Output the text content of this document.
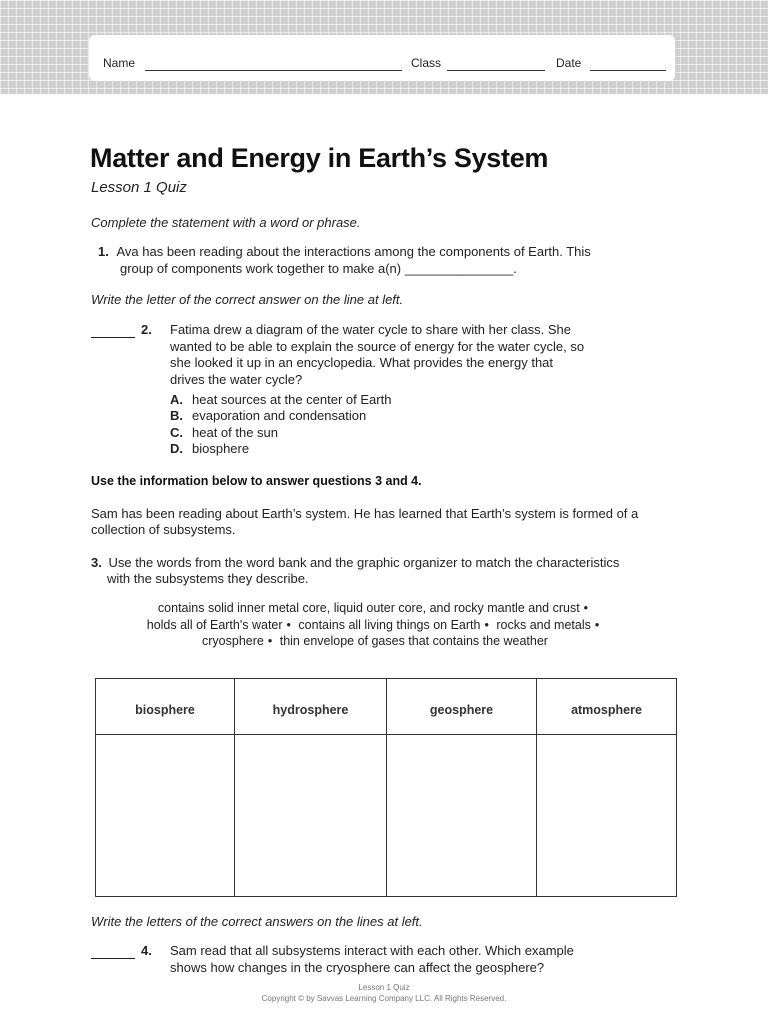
Name	Class	Date
Matter and Energy in Earth’s System
Lesson 1 Quiz
Complete the statement with a word or phrase.
1. Ava has been reading about the interactions among the components of Earth. This
group of components work together to make a(n) _______________.
Write the letter of the correct answer on the line at left.
2. Fatima drew a diagram of the water cycle to share with her class. She
wanted to be able to explain the source of energy for the water cycle, so
she looked it up in an encyclopedia. What provides the energy that
drives the water cycle?
A. heat sources at the center of Earth
B. evaporation and condensation
C. heat of the sun
D. biosphere
Use the information below to answer questions 3 and 4.
Sam has been reading about Earth’s system. He has learned that Earth’s system is formed of a
collection of subsystems.
3. Use the words from the word bank and the graphic organizer to match the characteristics
with the subsystems they describe.
contains solid inner metal core, liquid outer core, and rocky mantle and crust •
holds all of Earth's water • contains all living things on Earth • rocks and metals •
cryosphere • thin envelope of gases that contains the weather
biosphere	hydrosphere	geosphere	atmosphere

Write the letters of the correct answers on the lines at left.
4. Sam read that all subsystems interact with each other. Which example
shows how changes in the cryosphere can affect the geosphere?
Lesson 1 Quiz
Copyright © by Savvas Learning Company LLC. All Rights Reserved.
